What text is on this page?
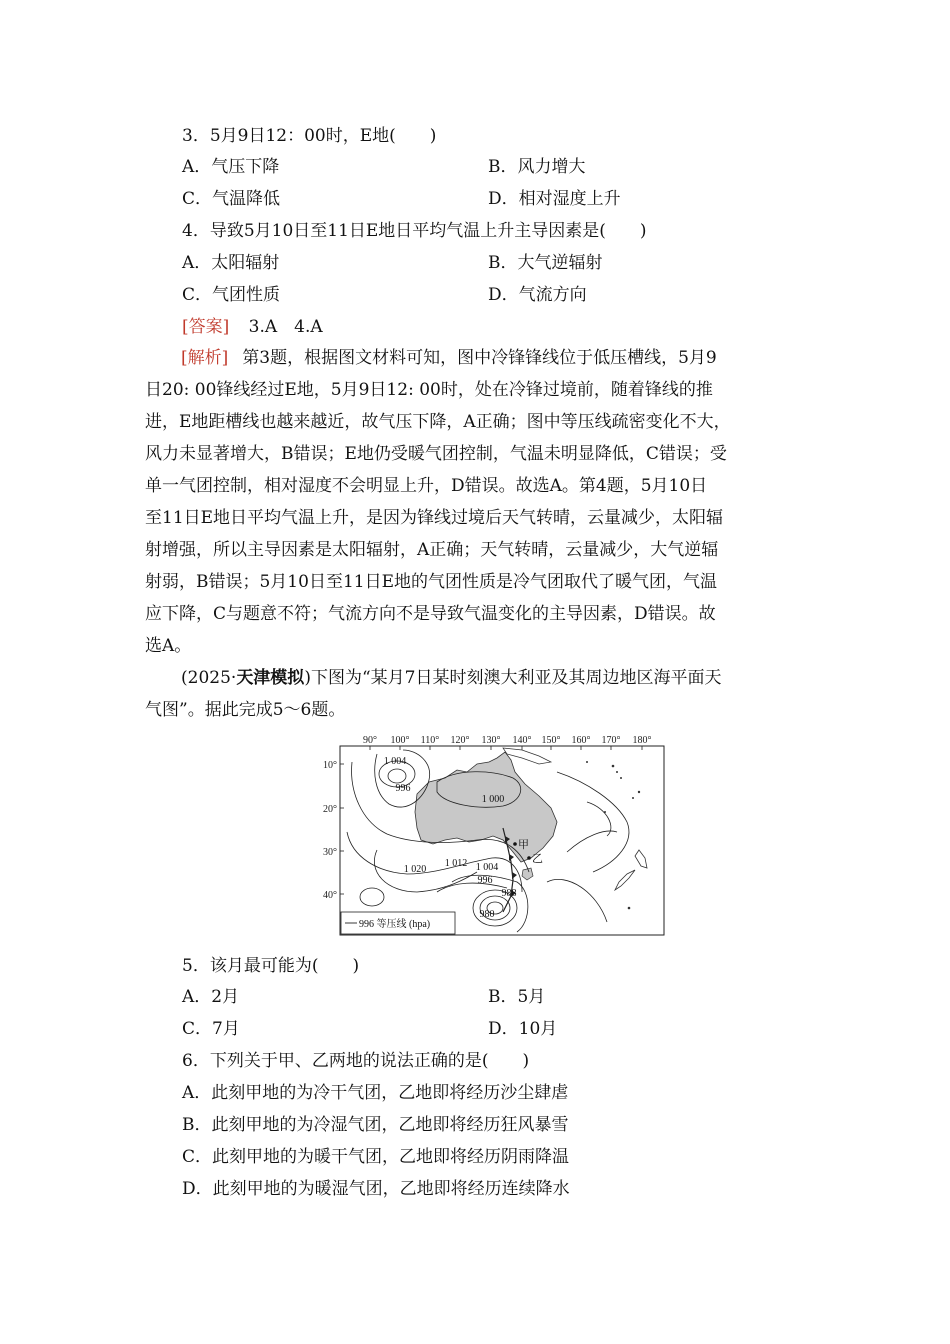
3．5月9日12：00时，E地(　　)
A．气压下降	B．风力增大
C．气温降低	D．相对湿度上升
4．导致5月10日至11日E地日平均气温上升主导因素是(　　)
A．太阳辐射	B．大气逆辐射
C．气团性质	D．气流方向
[答案] 3.A　4.A

[解析] 第3题，根据图文材料可知，图中冷锋锋线位于低压槽线，5月9

日20: 00锋线经过E地，5月9日12: 00时，处在冷锋过境前，随着锋线的推

进，E地距槽线也越来越近，故气压下降，A正确；图中等压线疏密变化不大，

风力未显著增大，B错误；E地仍受暖气团控制，气温未明显降低，C错误；受

单一气团控制，相对湿度不会明显上升，D错误。故选A。第4题，5月10日

至11日E地日平均气温上升，是因为锋线过境后天气转晴，云量减少，太阳辐

射增强，所以主导因素是太阳辐射，A正确；天气转晴，云量减少，大气逆辐

射弱，B错误；5月10日至11日E地的气团性质是冷气团取代了暖气团，气温

应下降，C与题意不符；气流方向不是导致气温变化的主导因素，D错误。故

选A。

(2025·天津模拟)下图为“某月7日某时刻澳大利亚及其周边地区海平面天

气图”。据此完成5～6题。

90° 100° 110° 120° 130° 140° 150° 160° 170° 180°
10°
20°
30°
40°
1 004
996
1 000
1 020
1 012 1 004
996
988
980
甲
乙
996 等压线 (hpa)
5．该月最可能为(　　)
A．2月	B．5月
C．7月	D．10月
6．下列关于甲、乙两地的说法正确的是(　　)
A．此刻甲地的为冷干气团，乙地即将经历沙尘肆虐
B．此刻甲地的为冷湿气团，乙地即将经历狂风暴雪
C．此刻甲地的为暖干气团，乙地即将经历阴雨降温
D．此刻甲地的为暖湿气团，乙地即将经历连续降水
